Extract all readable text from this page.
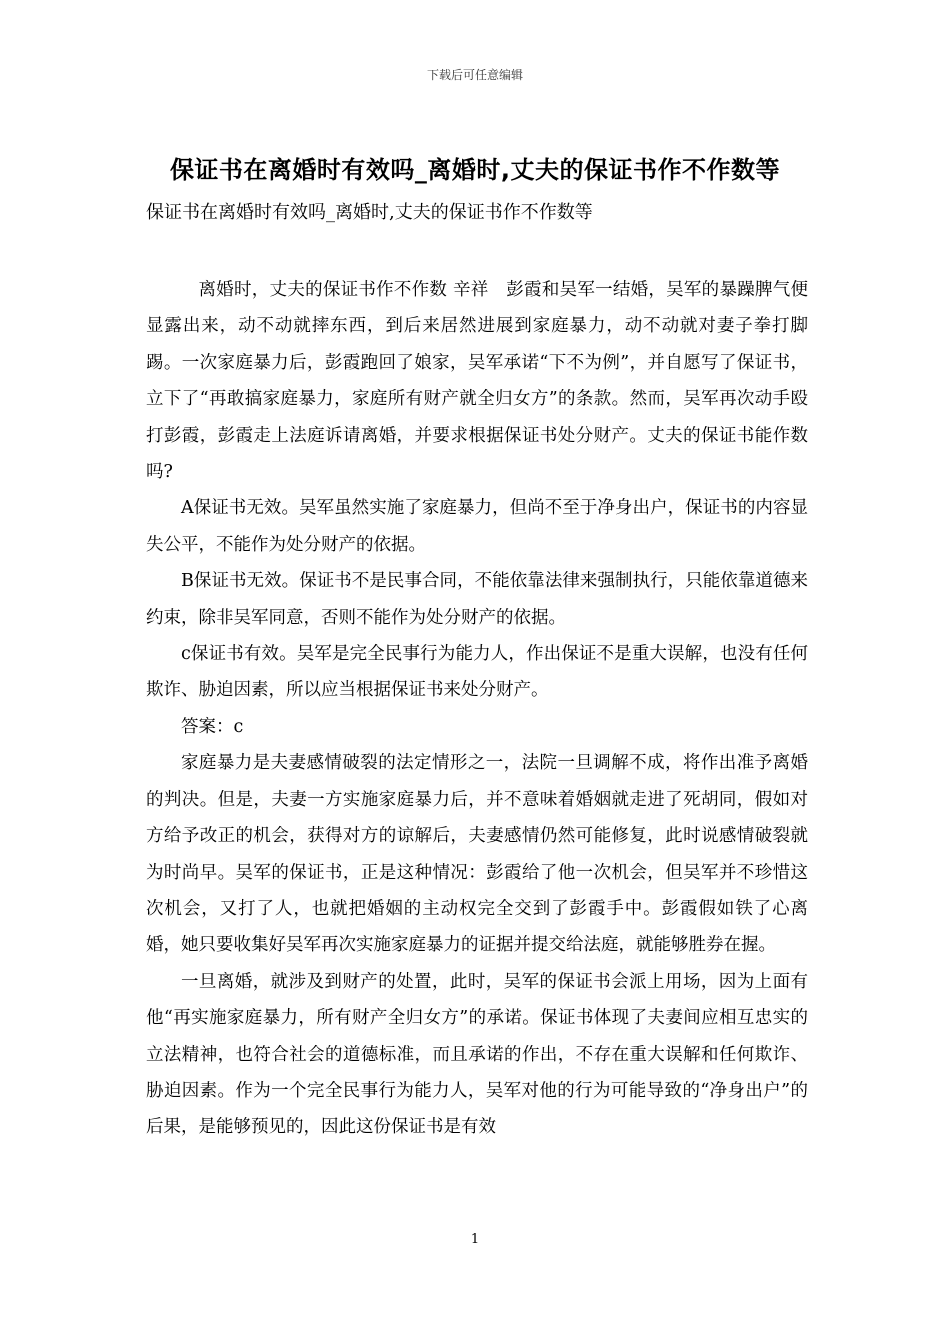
下载后可任意编辑
保证书在离婚时有效吗_离婚时,丈夫的保证书作不作数等
保证书在离婚时有效吗_离婚时,丈夫的保证书作不作数等

离婚时，丈夫的保证书作不作数 辛祥　彭霞和吴军一结婚，吴军的暴躁脾气便显露出来，动不动就摔东西，到后来居然进展到家庭暴力，动不动就对妻子拳打脚踢。一次家庭暴力后，彭霞跑回了娘家，吴军承诺“下不为例”，并自愿写了保证书，立下了“再敢搞家庭暴力，家庭所有财产就全归女方”的条款。然而，吴军再次动手殴打彭霞，彭霞走上法庭诉请离婚，并要求根据保证书处分财产。丈夫的保证书能作数吗?

A保证书无效。吴军虽然实施了家庭暴力，但尚不至于净身出户，保证书的内容显失公平，不能作为处分财产的依据。

B保证书无效。保证书不是民事合同，不能依靠法律来强制执行，只能依靠道德来约束，除非吴军同意，否则不能作为处分财产的依据。

c保证书有效。吴军是完全民事行为能力人，作出保证不是重大误解，也没有任何欺诈、胁迫因素，所以应当根据保证书来处分财产。

答案：c

家庭暴力是夫妻感情破裂的法定情形之一，法院一旦调解不成，将作出准予离婚的判决。但是，夫妻一方实施家庭暴力后，并不意味着婚姻就走进了死胡同，假如对方给予改正的机会，获得对方的谅解后，夫妻感情仍然可能修复，此时说感情破裂就为时尚早。吴军的保证书，正是这种情况：彭霞给了他一次机会，但吴军并不珍惜这次机会，又打了人，也就把婚姻的主动权完全交到了彭霞手中。彭霞假如铁了心离婚，她只要收集好吴军再次实施家庭暴力的证据并提交给法庭，就能够胜券在握。

一旦离婚，就涉及到财产的处置，此时，吴军的保证书会派上用场，因为上面有他“再实施家庭暴力，所有财产全归女方”的承诺。保证书体现了夫妻间应相互忠实的立法精神，也符合社会的道德标准，而且承诺的作出，不存在重大误解和任何欺诈、胁迫因素。作为一个完全民事行为能力人，吴军对他的行为可能导致的“净身出户”的后果，是能够预见的，因此这份保证书是有效

1
